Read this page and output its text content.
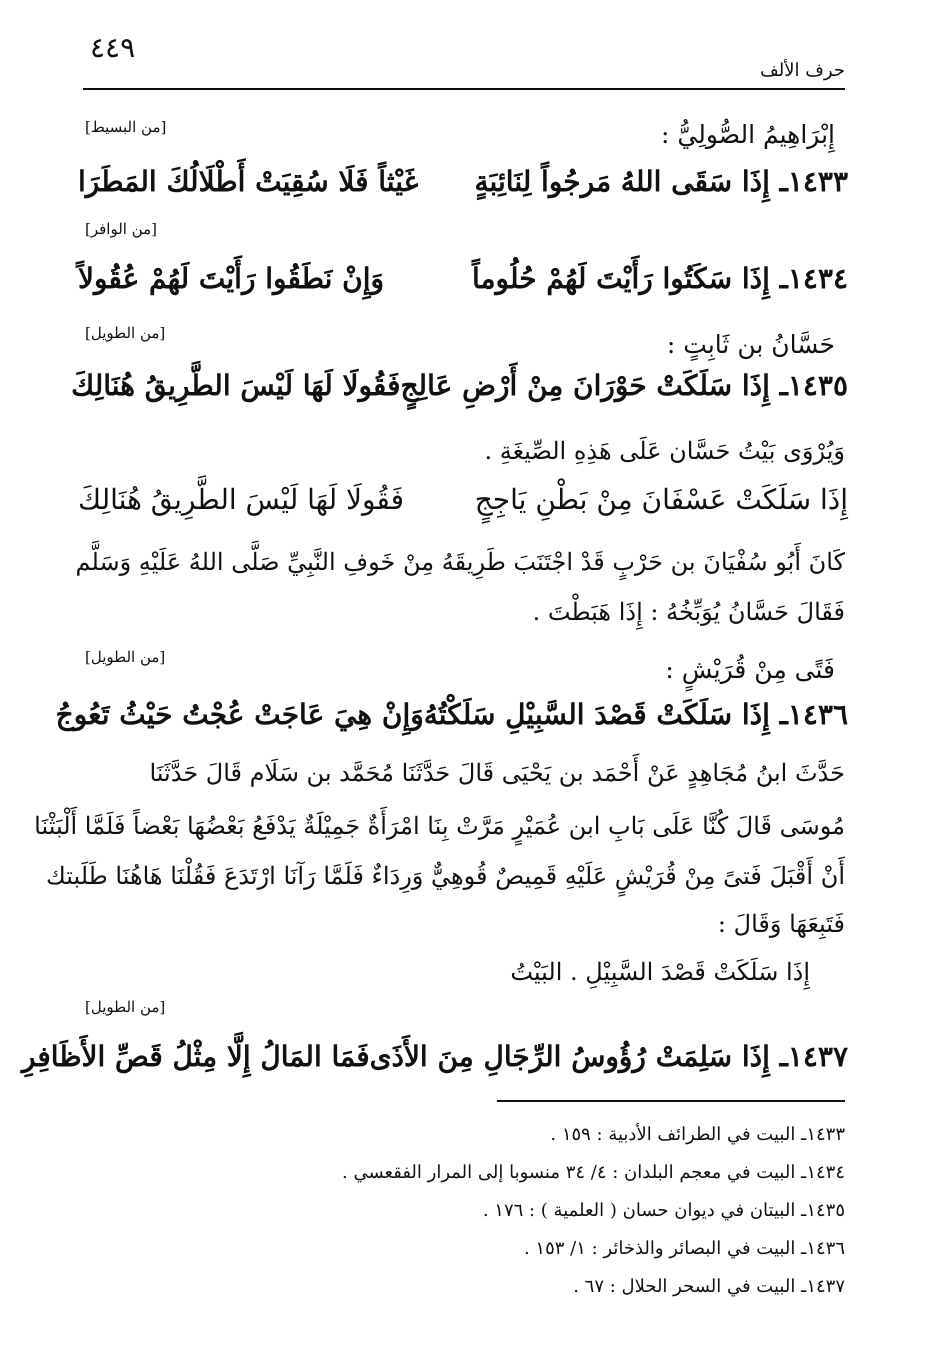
٤٤٩
حرف الألف
[من البسيط]	إِبْرَاهِيمُ الصُّولِيُّ :
١٤٣٣ـ إِذَا سَقَى اللهُ مَرجُواً لِنَائِبَةٍ
غَيْثاً فَلَا سُقِيَتْ أَطْلَالُكَ المَطَرَا
[من الوافر]
١٤٣٤ـ إِذَا سَكَتُوا رَأَيْتَ لَهُمْ حُلُوماً
وَإِنْ نَطَقُوا رَأَيْتَ لَهُمْ عُقُولاً
[من الطويل]	حَسَّانُ بن ثَابِتٍ :
١٤٣٥ـ إِذَا سَلَكَتْ حَوْرَانَ مِنْ أَرْضِ عَالِجٍ
فَقُولَا لَهَا لَيْسَ الطَّرِيقُ هُنَالِكَ
وَيُرْوَى بَيْتُ حَسَّان عَلَى هَذِهِ الصِّيغَةِ .
إِذَا سَلَكَتْ عَسْفَانَ مِنْ بَطْنِ يَاجِجٍ
فَقُولَا لَهَا لَيْسَ الطَّرِيقُ هُنَالِكَ
كَانَ أَبُو سُفْيَانَ بن حَرْبٍ قَدْ اجْتَنَبَ طَرِيقَهُ مِنْ خَوفِ النَّبِيِّ صَلَّى اللهُ عَلَيْهِ وَسَلَّم
فَقَالَ حَسَّانُ يُوَبِّخُهُ : إِذَا هَبَطْتَ .
[من الطويل]	فَتًى مِنْ قُرَيْشٍ :
١٤٣٦ـ إِذَا سَلَكَتْ قَصْدَ السَّبِيْلِ سَلَكْتُهُ
وَإِنْ هِيَ عَاجَتْ عُجْتُ حَيْثُ تَعُوجُ
حَدَّثَ ابنُ مُجَاهِدٍ عَنْ أَحْمَد بن يَحْيَى قَالَ حَدَّثَنَا مُحَمَّد بن سَلَام قَالَ حَدَّثَنَا
مُوسَى قَالَ كُنَّا عَلَى بَابِ ابن عُمَيْرٍ مَرَّتْ بِنَا امْرَأَةٌ جَمِيْلَةٌ يَدْفَعُ بَعْضُهَا بَعْضاً فَلَمَّا أَلْبَثْنَا
أَنْ أَقْبَلَ فَتىً مِنْ قُرَيْشٍ عَلَيْهِ قَمِيصٌ قُوهِيٌّ وَرِدَاءٌ فَلَمَّا رَآنَا ارْتَدَعَ فَقُلْنَا هَاهُنَا طَلَبتك
فَتَبِعَهَا وَقَالَ :
إِذَا سَلَكَتْ قَصْدَ السَّبِيْلِ . البَيْتُ
[من الطويل]
١٤٣٧ـ إِذَا سَلِمَتْ رُؤُوسُ الرِّجَالِ مِنَ الأَذَى
فَمَا المَالُ إِلَّا مِثْلُ قَصِّ الأَظَافِرِ
١٤٣٣ـ البيت في الطرائف الأدبية : ١٥٩ .
١٤٣٤ـ البيت في معجم البلدان : ٤/ ٣٤ منسوبا إلى المرار الفقعسي .
١٤٣٥ـ البيتان في ديوان حسان ( العلمية ) : ١٧٦ .
١٤٣٦ـ البيت في البصائر والذخائر : ١/ ١٥٣ .
١٤٣٧ـ البيت في السحر الحلال : ٦٧ .
